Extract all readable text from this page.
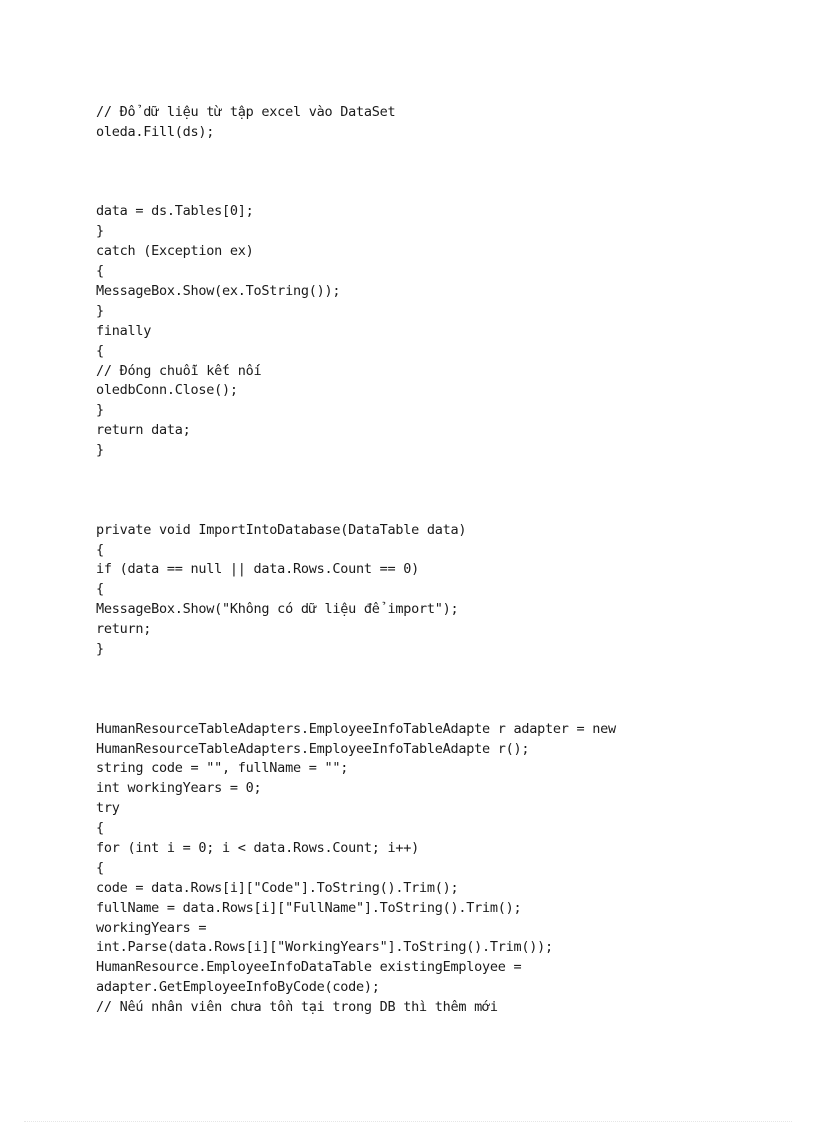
// Đổ dữ liệu từ tập excel vào DataSet
oleda.Fill(ds);
data = ds.Tables[0];
}
catch (Exception ex)
{
MessageBox.Show(ex.ToString());
}
finally
{
// Đóng chuỗi kết nối
oledbConn.Close();
}
return data;
}
private void ImportIntoDatabase(DataTable data)
{
if (data == null || data.Rows.Count == 0)
{
MessageBox.Show("Không có dữ liệu để import");
return;
}
HumanResourceTableAdapters.EmployeeInfoTableAdapte r adapter = new
HumanResourceTableAdapters.EmployeeInfoTableAdapte r();
string code = "", fullName = "";
int workingYears = 0;
try
{
for (int i = 0; i < data.Rows.Count; i++)
{
code = data.Rows[i]["Code"].ToString().Trim();
fullName = data.Rows[i]["FullName"].ToString().Trim();
workingYears =
int.Parse(data.Rows[i]["WorkingYears"].ToString().Trim());
HumanResource.EmployeeInfoDataTable existingEmployee =
adapter.GetEmployeeInfoByCode(code);
// Nếu nhân viên chưa tồn tại trong DB thì thêm mới
